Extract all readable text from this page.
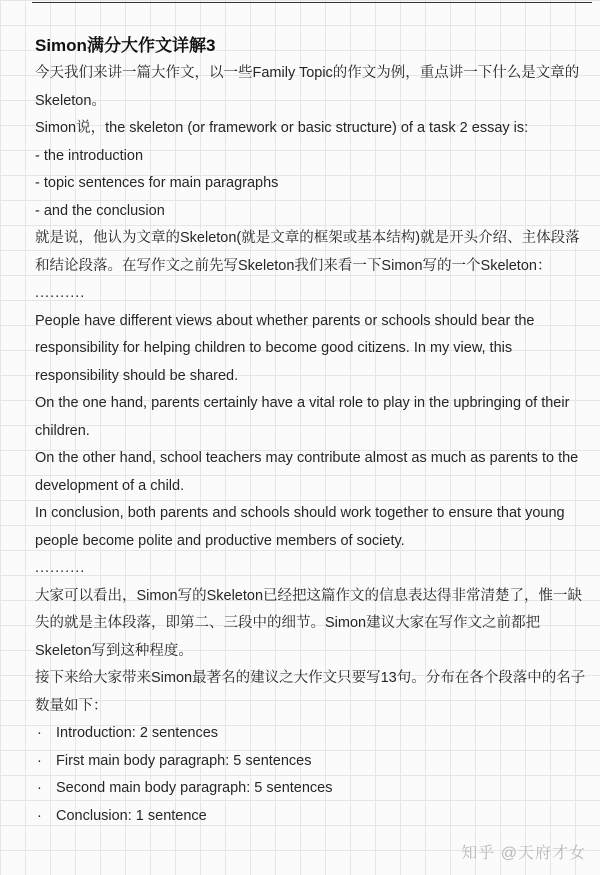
Simon满分大作文详解3

今天我们来讲一篇大作文，以一些Family Topic的作文为例，重点讲一下什么是文章的Skeleton。

Simon说，the skeleton (or framework or basic structure) of a task 2 essay is:

- the introduction

- topic sentences for main paragraphs

- and the conclusion

就是说，他认为文章的Skeleton(就是文章的框架或基本结构)就是开头介绍、主体段落和结论段落。在写作文之前先写Skeleton我们来看一下Simon写的一个Skeleton：

..........

People have different views about whether parents or schools should bear the responsibility for helping children to become good citizens. In my view, this responsibility should be shared.

On the one hand, parents certainly have a vital role to play in the upbringing of their children.

On the other hand, school teachers may contribute almost as much as parents to the development of a child.

In conclusion, both parents and schools should work together to ensure that young people become polite and productive members of society.

..........

大家可以看出，Simon写的Skeleton已经把这篇作文的信息表达得非常清楚了，惟一缺失的就是主体段落，即第二、三段中的细节。Simon建议大家在写作文之前都把Skeleton写到这种程度。

接下来给大家带来Simon最著名的建议之大作文只要写13句。分布在各个段落中的名子数量如下：

· Introduction: 2 sentences
· First main body paragraph: 5 sentences
· Second main body paragraph: 5 sentences
· Conclusion: 1 sentence
知乎 @天府才女
